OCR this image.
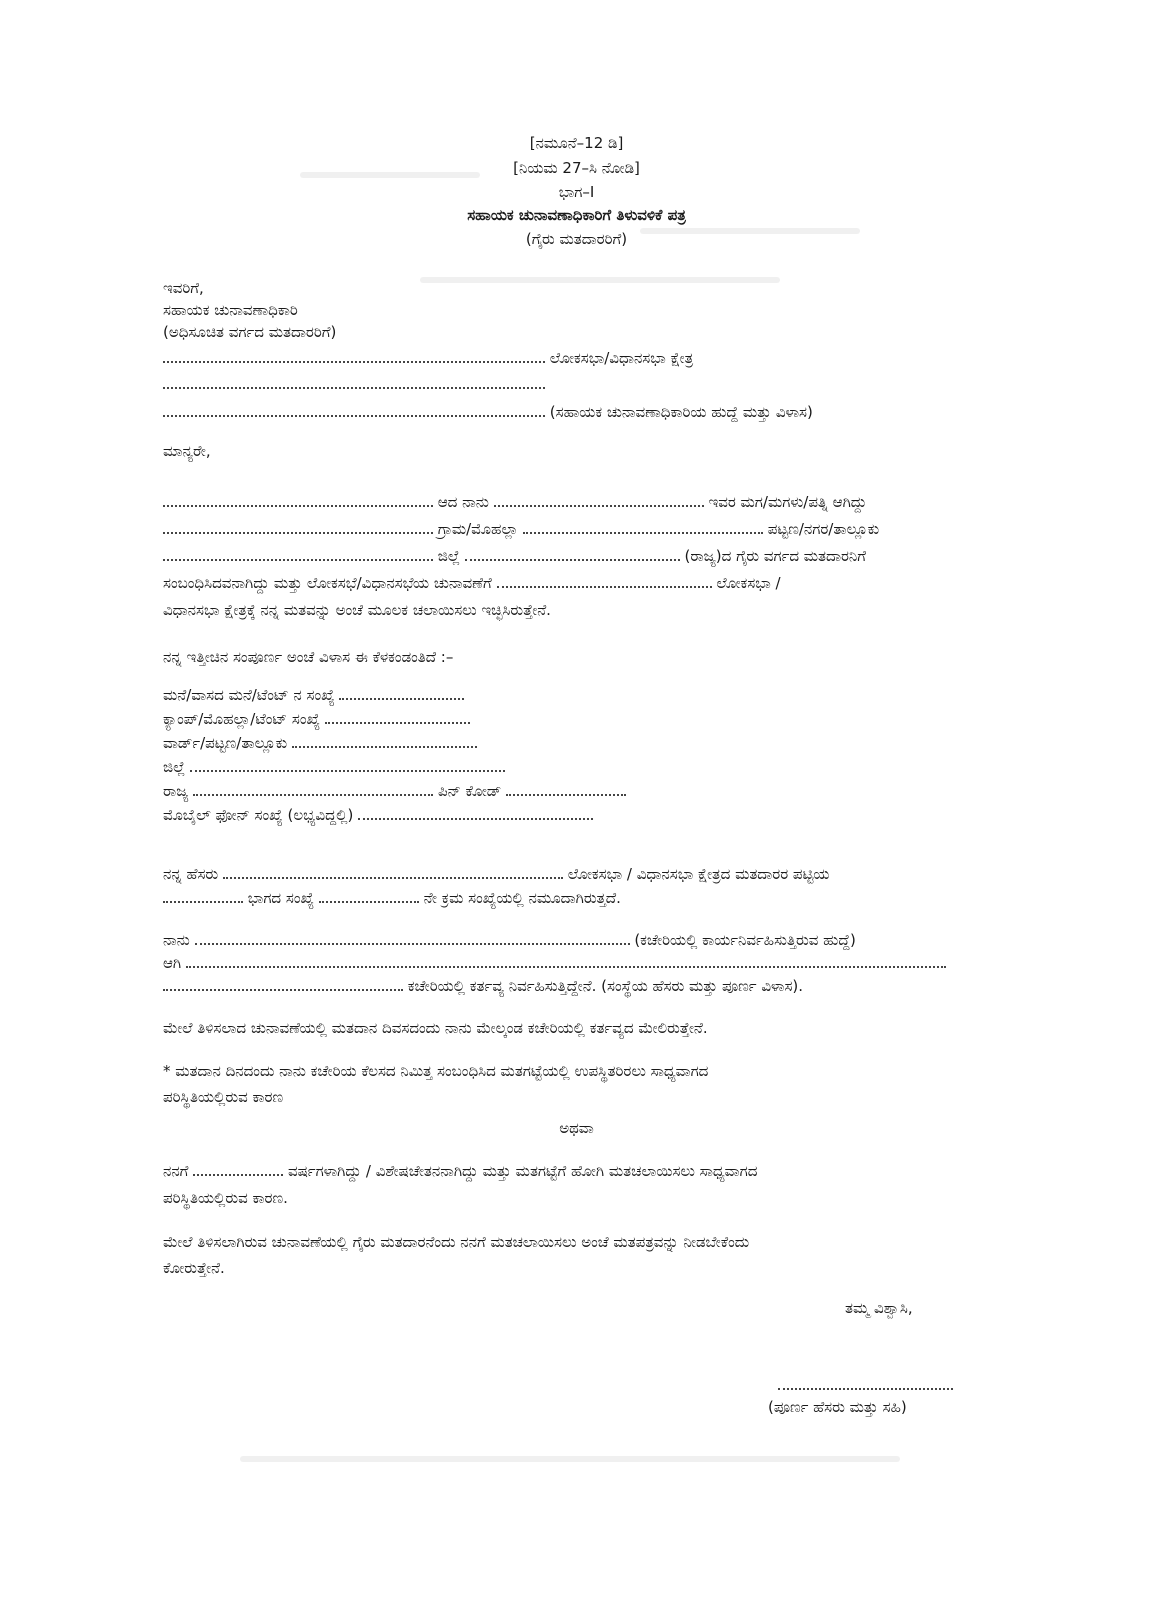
[ನಮೂನೆ–12 ಡಿ]
[ನಿಯಮ 27–ಸಿ ನೋಡಿ]
ಭಾಗ–I
ಸಹಾಯಕ ಚುನಾವಣಾಧಿಕಾರಿಗೆ ತಿಳುವಳಿಕೆ ಪತ್ರ
(ಗೈರು ಮತದಾರರಿಗೆ)
ಇವರಿಗೆ,
ಸಹಾಯಕ ಚುನಾವಣಾಧಿಕಾರಿ
(ಅಧಿಸೂಚಿತ ವರ್ಗದ ಮತದಾರರಿಗೆ)
ಲೋಕಸಭಾ/ವಿಧಾನಸಭಾ ಕ್ಷೇತ್ರ
(ಸಹಾಯಕ ಚುನಾವಣಾಧಿಕಾರಿಯ ಹುದ್ದೆ ಮತ್ತು ವಿಳಾಸ)
ಮಾನ್ಯರೇ,
ಆದ ನಾನು	ಇವರ ಮಗ/ಮಗಳು/ಪತ್ನಿ ಆಗಿದ್ದು
ಗ್ರಾಮ/ಮೊಹಲ್ಲಾ	ಪಟ್ಟಣ/ನಗರ/ತಾಲ್ಲೂಕು
ಜಿಲ್ಲೆ	(ರಾಜ್ಯ)ದ ಗೈರು ವರ್ಗದ ಮತದಾರನಿಗೆ
ಸಂಬಂಧಿಸಿದವನಾಗಿದ್ದು ಮತ್ತು ಲೋಕಸಭೆ/ವಿಧಾನಸಭೆಯ ಚುನಾವಣೆಗೆ	ಲೋಕಸಭಾ /
ವಿಧಾನಸಭಾ ಕ್ಷೇತ್ರಕ್ಕೆ ನನ್ನ ಮತವನ್ನು ಅಂಚೆ ಮೂಲಕ ಚಲಾಯಿಸಲು ಇಚ್ಛಿಸಿರುತ್ತೇನೆ.
ನನ್ನ ಇತ್ತೀಚಿನ ಸಂಪೂರ್ಣ ಅಂಚೆ ವಿಳಾಸ ಈ ಕೆಳಕಂಡಂತಿದೆ :–
ಮನೆ/ವಾಸದ ಮನೆ/ಟೆಂಟ್ ನ ಸಂಖ್ಯೆ
ಕ್ಯಾಂಪ್/ಮೊಹಲ್ಲಾ/ಟೆಂಟ್ ಸಂಖ್ಯೆ
ವಾರ್ಡ್/ಪಟ್ಟಣ/ತಾಲ್ಲೂಕು
ಜಿಲ್ಲೆ
ರಾಜ್ಯ	ಪಿನ್ ಕೋಡ್
ಮೊಬೈಲ್ ಫೋನ್ ಸಂಖ್ಯೆ (ಲಭ್ಯವಿದ್ದಲ್ಲಿ)
ನನ್ನ ಹೆಸರು	ಲೋಕಸಭಾ / ವಿಧಾನಸಭಾ ಕ್ಷೇತ್ರದ ಮತದಾರರ ಪಟ್ಟಿಯ
ಭಾಗದ ಸಂಖ್ಯೆ	ನೇ ಕ್ರಮ ಸಂಖ್ಯೆಯಲ್ಲಿ ನಮೂದಾಗಿರುತ್ತದೆ.
ನಾನು	(ಕಚೇರಿಯಲ್ಲಿ ಕಾರ್ಯನಿರ್ವಹಿಸುತ್ತಿರುವ ಹುದ್ದೆ)
ಆಗಿ
ಕಚೇರಿಯಲ್ಲಿ ಕರ್ತವ್ಯ ನಿರ್ವಹಿಸುತ್ತಿದ್ದೇನೆ. (ಸಂಸ್ಥೆಯ ಹೆಸರು ಮತ್ತು ಪೂರ್ಣ ವಿಳಾಸ).
ಮೇಲೆ ತಿಳಿಸಲಾದ ಚುನಾವಣೆಯಲ್ಲಿ ಮತದಾನ ದಿವಸದಂದು ನಾನು ಮೇಲ್ಕಂಡ ಕಚೇರಿಯಲ್ಲಿ ಕರ್ತವ್ಯದ ಮೇಲಿರುತ್ತೇನೆ.
* ಮತದಾನ ದಿನದಂದು ನಾನು ಕಚೇರಿಯ ಕೆಲಸದ ನಿಮಿತ್ತ ಸಂಬಂಧಿಸಿದ ಮತಗಟ್ಟೆಯಲ್ಲಿ ಉಪಸ್ಥಿತರಿರಲು ಸಾಧ್ಯವಾಗದ
ಪರಿಸ್ಥಿತಿಯಲ್ಲಿರುವ ಕಾರಣ
ಅಥವಾ
ನನಗೆ	ವರ್ಷಗಳಾಗಿದ್ದು / ವಿಶೇಷಚೇತನನಾಗಿದ್ದು ಮತ್ತು ಮತಗಟ್ಟೆಗೆ ಹೋಗಿ ಮತಚಲಾಯಿಸಲು ಸಾಧ್ಯವಾಗದ
ಪರಿಸ್ಥಿತಿಯಲ್ಲಿರುವ ಕಾರಣ.
ಮೇಲೆ ತಿಳಿಸಲಾಗಿರುವ ಚುನಾವಣೆಯಲ್ಲಿ ಗೈರು ಮತದಾರನೆಂದು ನನಗೆ ಮತಚಲಾಯಿಸಲು ಅಂಚೆ ಮತಪತ್ರವನ್ನು ನೀಡಬೇಕೆಂದು
ಕೋರುತ್ತೇನೆ.
ತಮ್ಮ ವಿಶ್ವಾಸಿ,
(ಪೂರ್ಣ ಹೆಸರು ಮತ್ತು ಸಹಿ)
